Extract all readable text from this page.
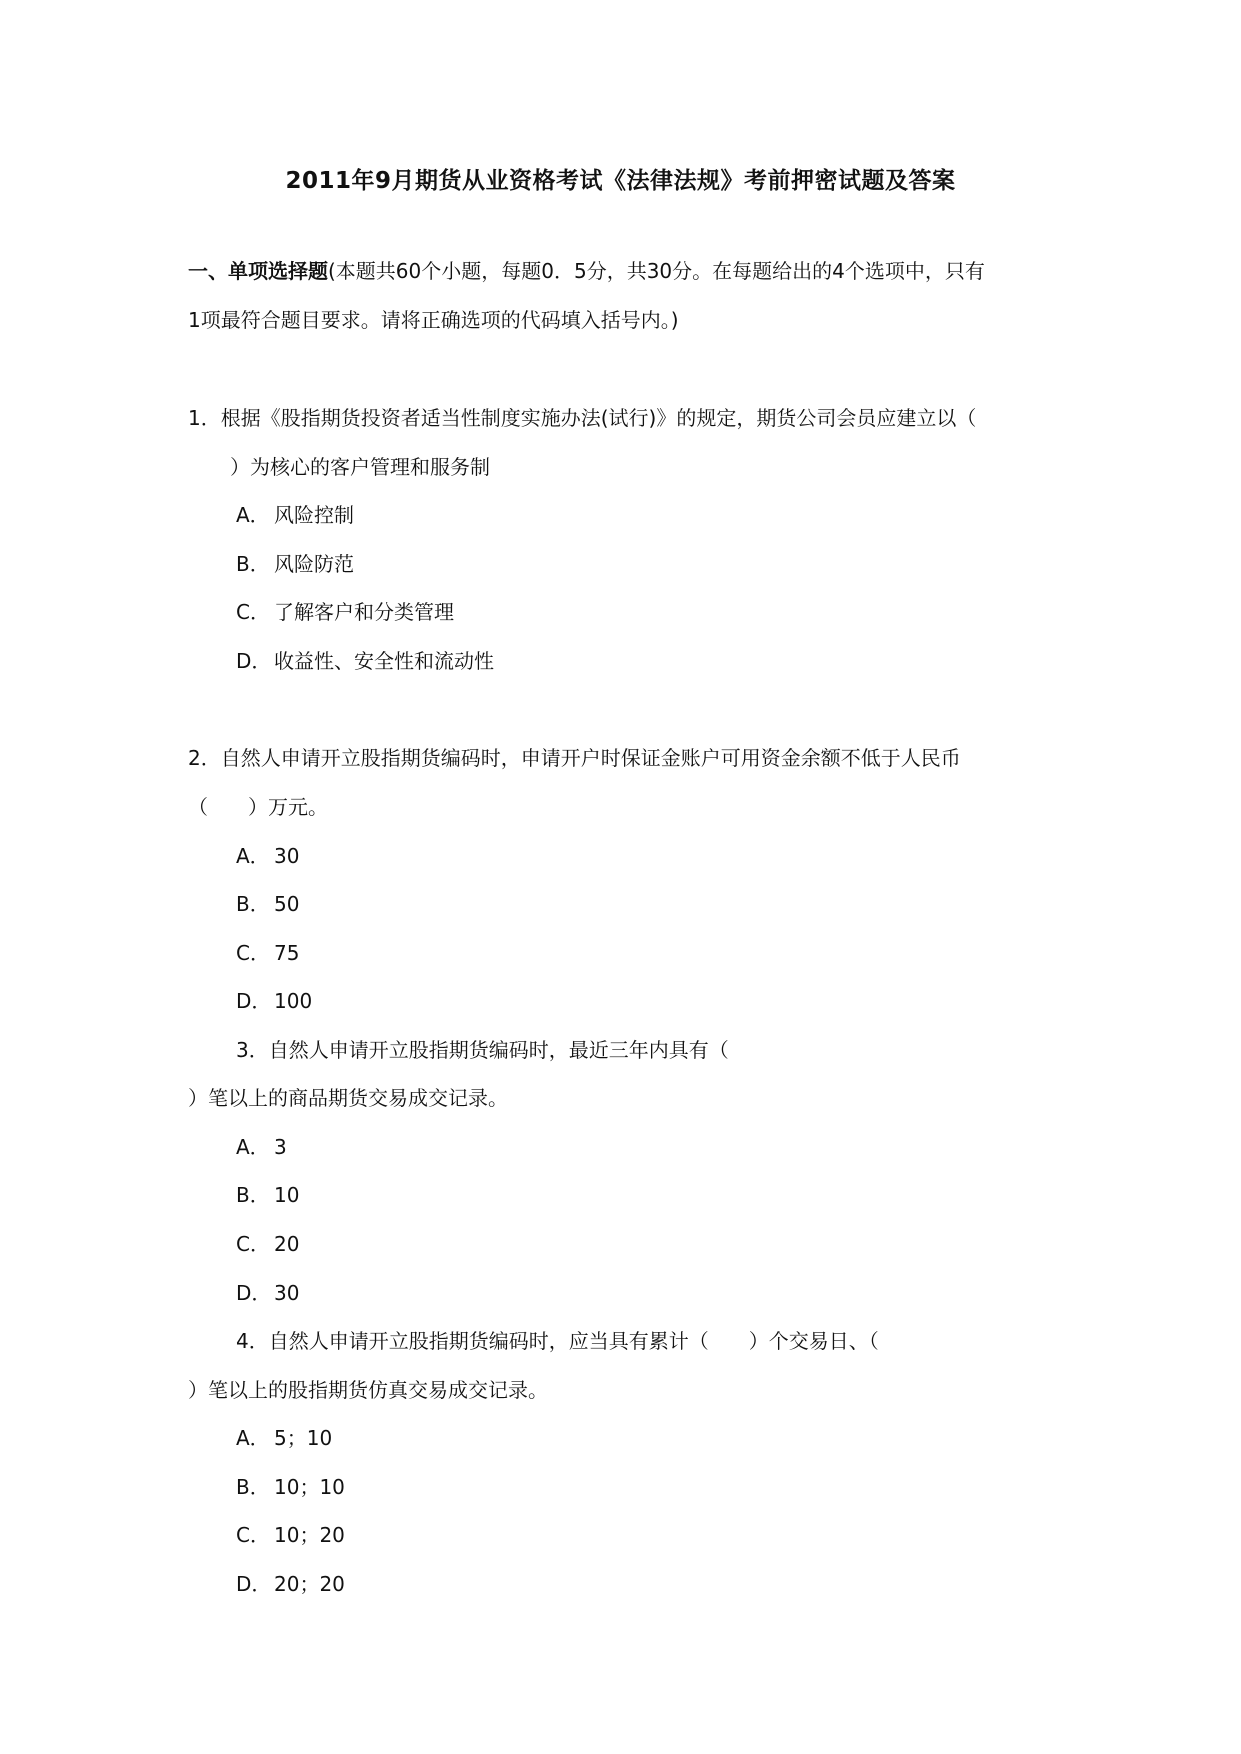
2011年9月期货从业资格考试《法律法规》考前押密试题及答案
一、单项选择题(本题共60个小题，每题0．5分，共30分。在每题给出的4个选项中，只有
1项最符合题目要求。请将正确选项的代码填入括号内。)
1．根据《股指期货投资者适当性制度实施办法(试行)》的规定，期货公司会员应建立以（
）为核心的客户管理和服务制
A． 风险控制
B． 风险防范
C． 了解客户和分类管理
D． 收益性、安全性和流动性
2．自然人申请开立股指期货编码时，申请开户时保证金账户可用资金余额不低于人民币
（　　）万元。
A． 30
B． 50
C． 75
D． 100
3．自然人申请开立股指期货编码时，最近三年内具有（
）笔以上的商品期货交易成交记录。
A． 3
B． 10
C． 20
D． 30
4．自然人申请开立股指期货编码时，应当具有累计（　　）个交易日、（
）笔以上的股指期货仿真交易成交记录。
A． 5；10
B． 10；10
C． 10；20
D． 20；20
